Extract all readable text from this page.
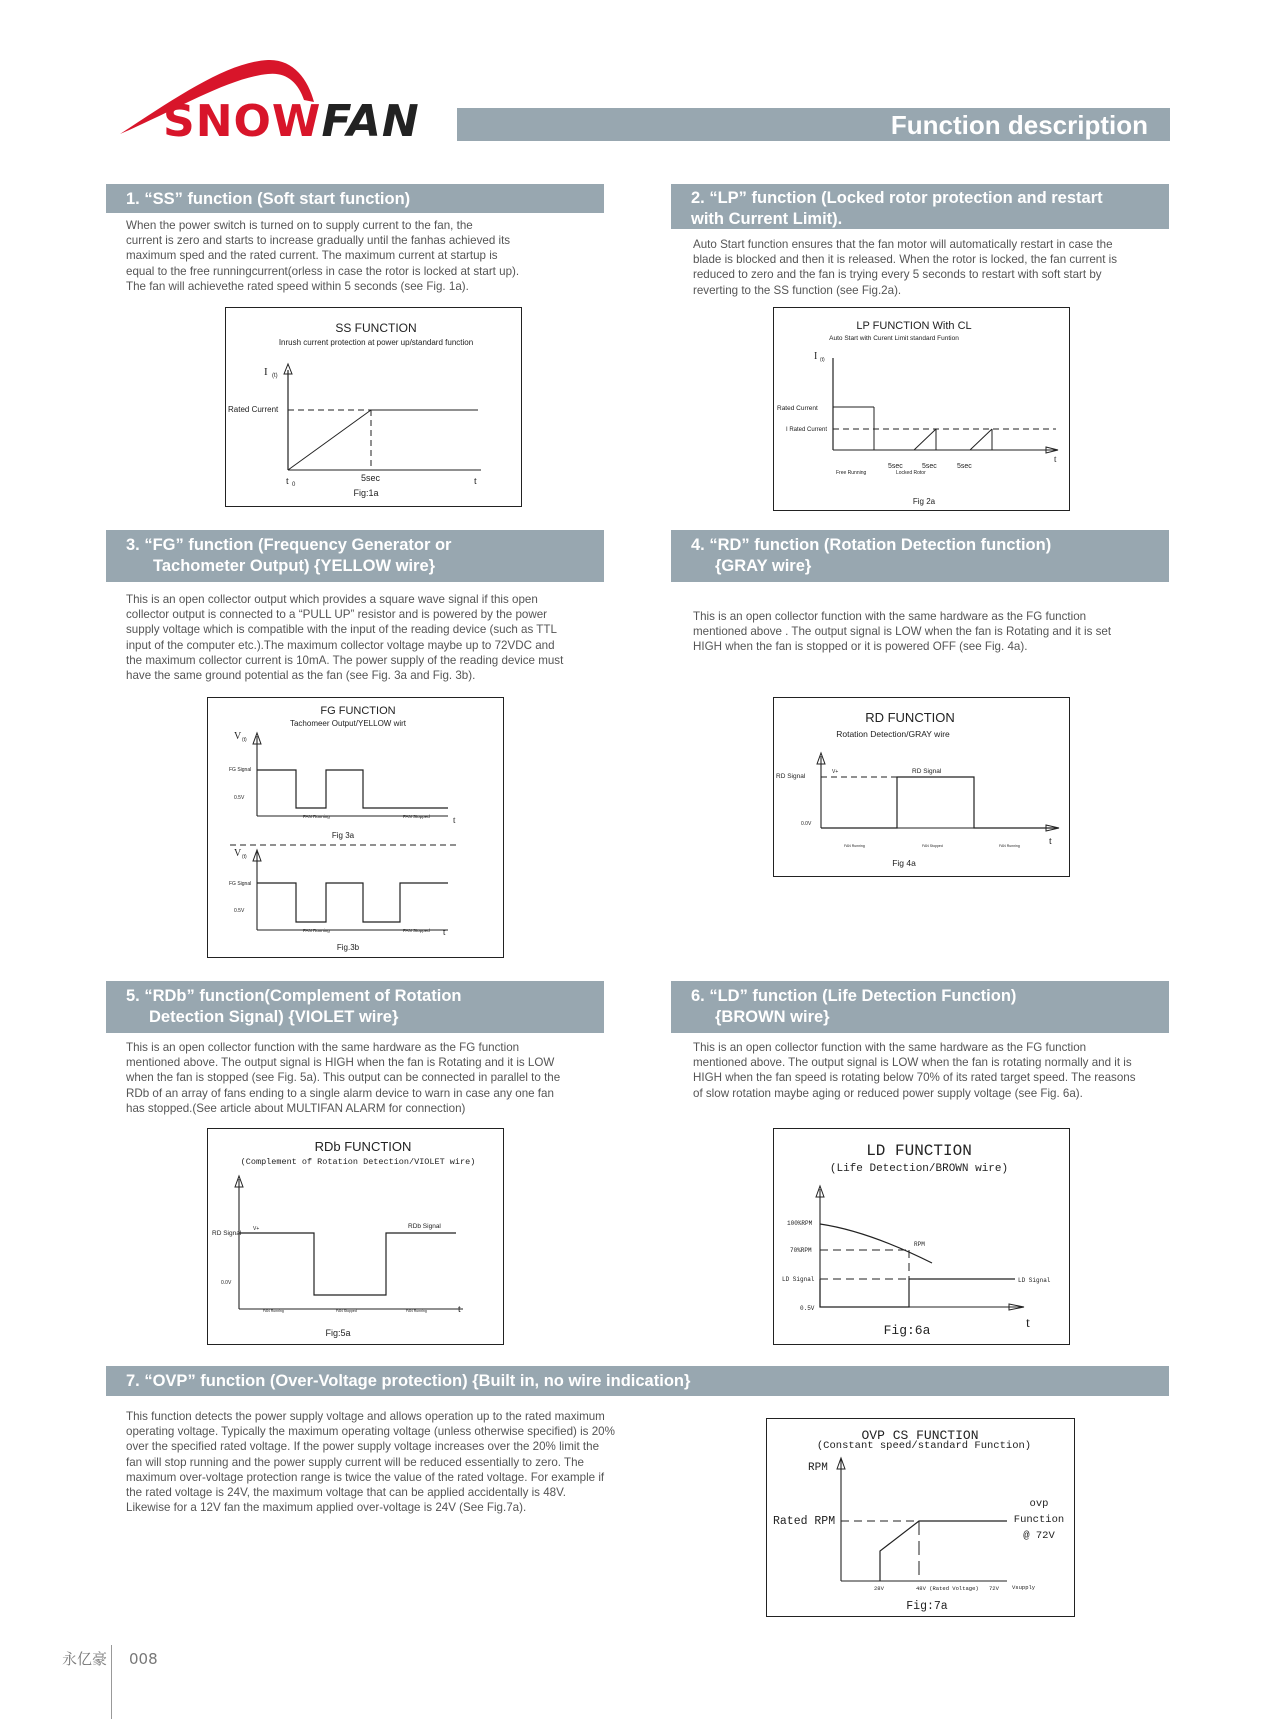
SNOWFAN	Function description
1. “SS” function (Soft start function)
When the power switch is turned on to supply current to the fan, the
current is zero and starts to increase gradually until the fanhas achieved its
maximum sped and the rated current. The maximum current at startup is
equal to the free runningcurrent(orless in case the rotor is locked at start up).
The fan will achievethe rated speed within 5 seconds (see Fig. 1a).
2. “LP” function (Locked rotor protection and restart
with Current Limit).
Auto Start function ensures that the fan motor will automatically restart in case the
blade is blocked and then it is released. When the rotor is locked, the fan current is
reduced to zero and the fan is trying every 5 seconds to restart with soft start by
reverting to the SS function (see Fig.2a).
SS FUNCTION
Inrush current protection at power up/standard function
I (t)
Rated Current
t 0
5sec	t
Fig:1a
LP FUNCTION With CL
Auto Start with Curent Limit standard Funtion
I (t)
Rated Current
I Rated Current
5sec	5sec	5sec
Free Running	Locked Rotor
t
Fig 2a
3. “FG” function (Frequency Generator or
Tachometer Output) {YELLOW wire}
This is an open collector output which provides a square wave signal if this open
collector output is connected to a “PULL UP” resistor and is powered by the power
supply voltage which is compatible with the input of the reading device (such as TTL
input of the computer etc.).The maximum collector voltage maybe up to 72VDC and
the maximum collector current is 10mA. The power supply of the reading device must
have the same ground potential as the fan (see Fig. 3a and Fig. 3b).
4. “RD” function (Rotation Detection function)
{GRAY wire}
This is an open collector function with the same hardware as the FG function
mentioned above . The output signal is LOW when the fan is Rotating and it is set
HIGH when the fan is stopped or it is powered OFF (see Fig. 4a).
FG FUNCTION
Tachomeer Output/YELLOW wirt
V (t)
FG Signal
0.5V
FAN Running	FAN Stopped	t
Fig 3a
V (t)
FG Signal
0.5V
FAN Running	FAN Stopped t
Fig.3b
RD FUNCTION
Rotation Detection/GRAY wire
RD Signal
V+	RD Signal
0.0V
FAN Running	FAN Stopped	FAN Running	t
Fig 4a
5. “RDb” function(Complement of Rotation
Detection Signal) {VIOLET wire}
This is an open collector function with the same hardware as the FG function
mentioned above. The output signal is HIGH when the fan is Rotating and it is LOW
when the fan is stopped (see Fig. 5a). This output can be connected in parallel to the
RDb of an array of fans ending to a single alarm device to warn in case any one fan
has stopped.(See article about MULTIFAN ALARM for connection)
6. “LD” function (Life Detection Function)
{BROWN wire}
This is an open collector function with the same hardware as the FG function
mentioned above. The output signal is LOW when the fan is rotating normally and it is
HIGH when the fan speed is rotating below 70% of its rated target speed. The reasons
of slow rotation maybe aging or reduced power supply voltage (see Fig. 6a).
RDb FUNCTION
(Complement of Rotation Detection/VIOLET wire)
RD Signal
V+	RDb Signal
0.0V
FAN Running	FAN Stopped	FAN Running	t
Fig:5a
LD FUNCTION
(Life Detection/BROWN wire)
100%RPM
70%RPM
LD Signal
0.5V
RPM
LD Signal
t
Fig:6a
7. “OVP” function (Over-Voltage protection) {Built in, no wire indication}
This function detects the power supply voltage and allows operation up to the rated maximum
operating voltage. Typically the maximum operating voltage (unless otherwise specified) is 20%
over the specified rated voltage. If the power supply voltage increases over the 20% limit the
fan will stop running and the power supply current will be reduced essentially to zero. The
maximum over-voltage protection range is twice the value of the rated voltage. For example if
the rated voltage is 24V, the maximum voltage that can be applied accidentally is 48V.
Likewise for a 12V fan the maximum applied over-voltage is 24V (See Fig.7a).
OVP CS FUNCTION
(Constant speed/standard Function)
RPM
Rated RPM
ovp
Function
@ 72V
28V	48V (Rated Voltage) 72V Vsupply
Fig:7a
永亿豪 008
